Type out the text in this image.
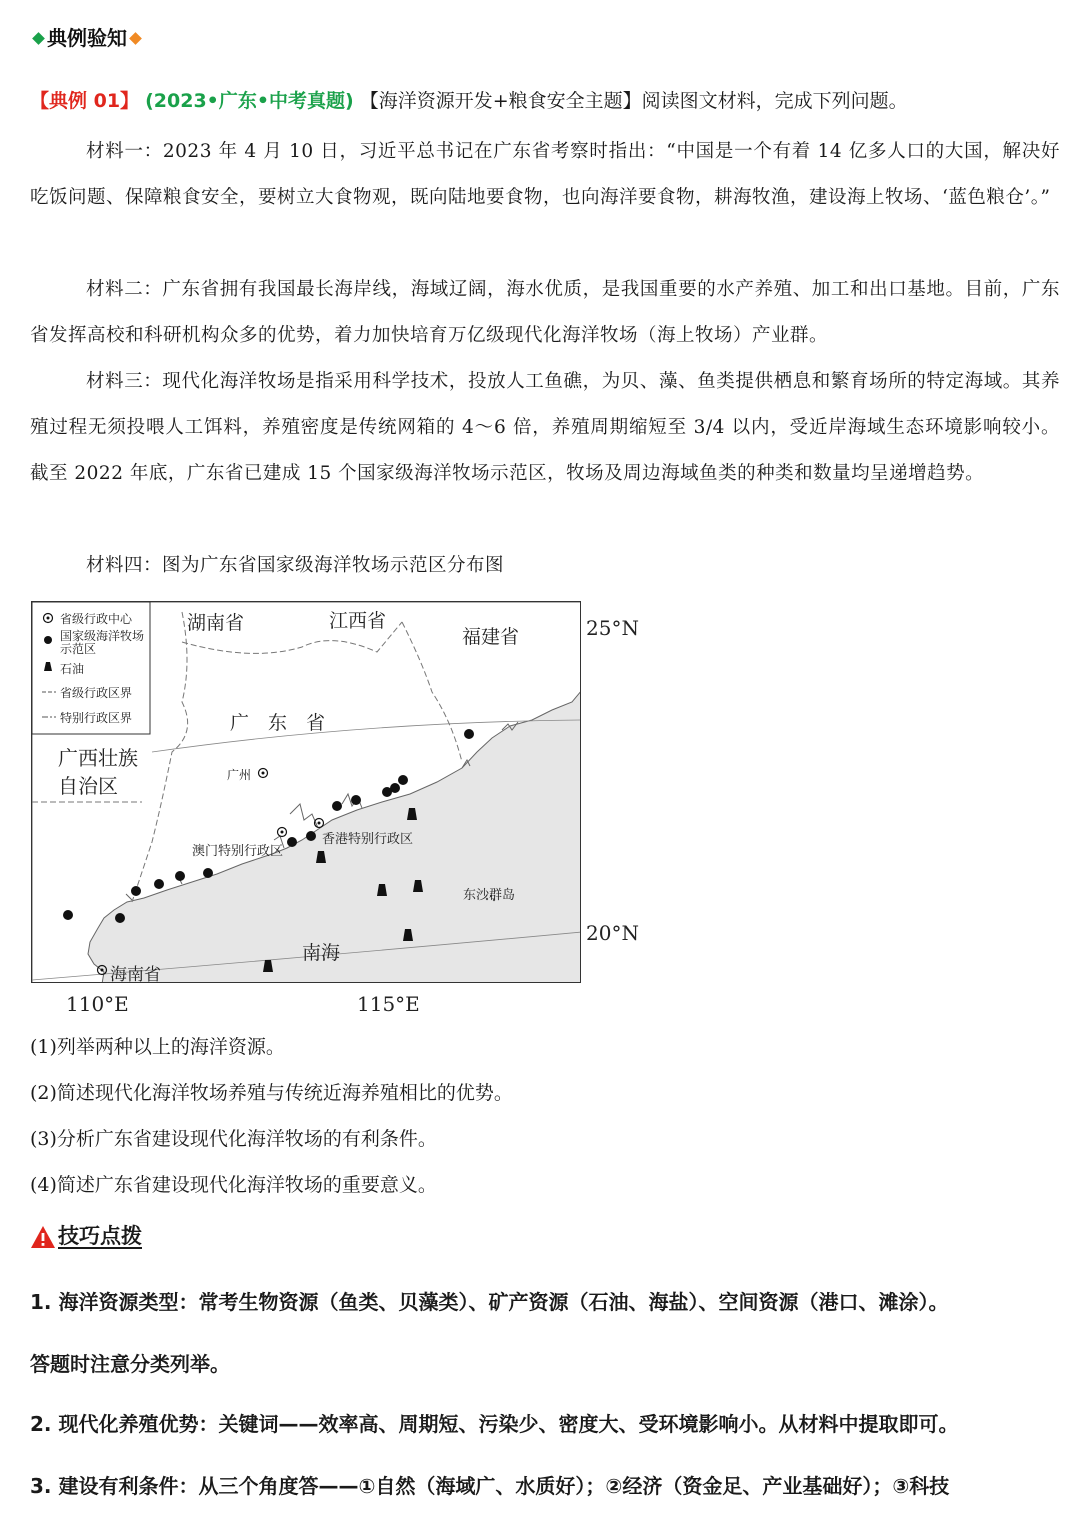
典例验知
【典例 01】 (2023•广东•中考真题) 【海洋资源开发+粮食安全主题】阅读图文材料，完成下列问题。
材料一：2023 年 4 月 10 日，习近平总书记在广东省考察时指出：“中国是一个有着 14 亿多人口的大国，解决好吃饭问题、保障粮食安全，要树立大食物观，既向陆地要食物，也向海洋要食物，耕海牧渔，建设海上牧场、‘蓝色粮仓’。”
材料二：广东省拥有我国最长海岸线，海域辽阔，海水优质，是我国重要的水产养殖、加工和出口基地。目前，广东省发挥高校和科研机构众多的优势，着力加快培育万亿级现代化海洋牧场（海上牧场）产业群。
材料三：现代化海洋牧场是指采用科学技术，投放人工鱼礁，为贝、藻、鱼类提供栖息和繁育场所的特定海域。其养殖过程无须投喂人工饵料，养殖密度是传统网箱的 4～6 倍，养殖周期缩短至 3/4 以内，受近岸海域生态环境影响较小。截至 2022 年底，广东省已建成 15 个国家级海洋牧场示范区，牧场及周边海域鱼类的种类和数量均呈递增趋势。
材料四：图为广东省国家级海洋牧场示范区分布图
省级行政中心
国家级海洋牧场示范区
石油
省级行政区界
特别行政区界
湖南省	江西省
福建省
广　东　省
广西壮族
自治区	广州
香港特别行政区
澳门特别行政区
东沙群岛
南海
海南省
25°N
20°N
110°E	115°E
(1)列举两种以上的海洋资源。
(2)简述现代化海洋牧场养殖与传统近海养殖相比的优势。
(3)分析广东省建设现代化海洋牧场的有利条件。
(4)简述广东省建设现代化海洋牧场的重要意义。
技巧点拨
1. 海洋资源类型：常考生物资源（鱼类、贝藻类）、矿产资源（石油、海盐）、空间资源（港口、滩涂）。
答题时注意分类列举。
2. 现代化养殖优势：关键词——效率高、周期短、污染少、密度大、受环境影响小。从材料中提取即可。
3. 建设有利条件：从三个角度答——①自然（海域广、水质好）；②经济（资金足、产业基础好）；③科技
